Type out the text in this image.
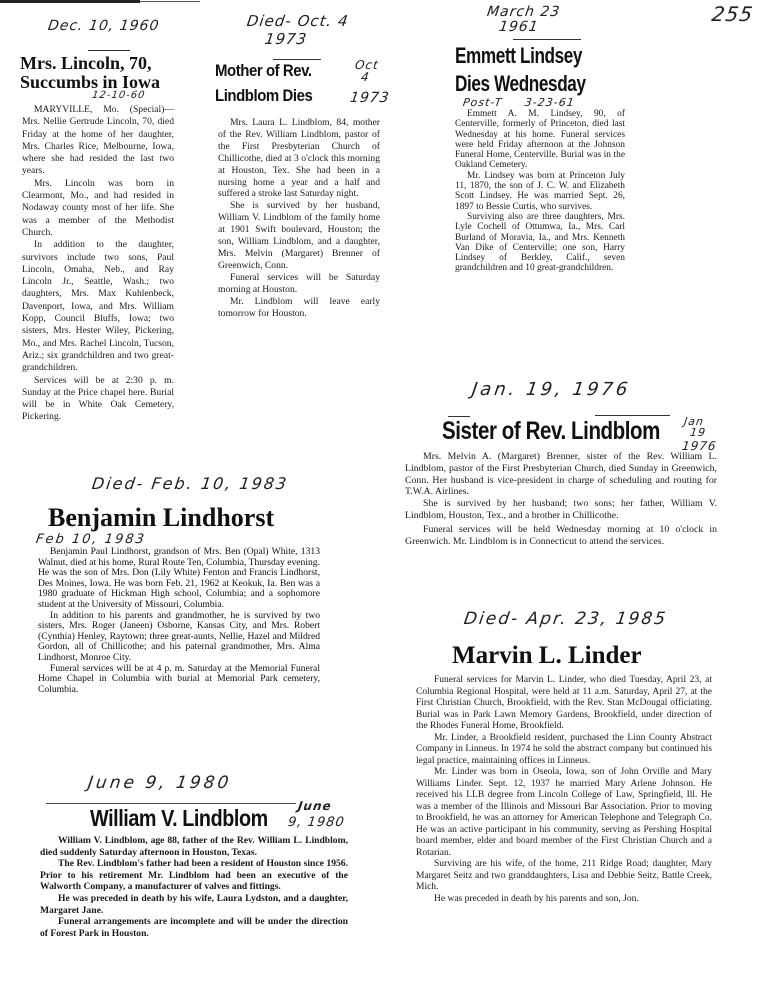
255
Dec. 10, 1960
Mrs. Lincoln, 70,
Succumbs in Iowa
12-10-60

MARYVILLE, Mo. (Special)— Mrs. Nellie Gertrude Lincoln, 70, died Friday at the home of her daughter, Mrs. Charles Rice, Melbourne, Iowa, where she had resided the last two years.

Mrs. Lincoln was born in Clearmont, Mo., and had resided in Nodaway county most of her life. She was a member of the Methodist Church.

In addition to the daughter, survivors include two sons, Paul Lincoln, Omaha, Neb., and Ray Lincoln Jr., Seattle, Wash.; two daughters, Mrs. Max Kuhlenbeck, Davenport, Iowa, and Mrs. William Kopp, Council Bluffs, Iowa; two sisters, Mrs. Hester Wiley, Pickering, Mo., and Mrs. Rachel Lincoln, Tucson, Ariz.; six grandchildren and two great-grandchildren.

Services will be at 2:30 p. m. Sunday at the Price chapel here. Burial will be in White Oak Cemetery, Pickering.

Died- Oct. 4
1973
Mother of Rev.
Lindblom Dies
Oct
4
1973

Mrs. Laura L. Lindblom, 84, mother of the Rev. William Lindblom, pastor of the First Presbyterian Church of Chillicothe, died at 3 o'clock this morning at Houston, Tex. She had been in a nursing home a year and a half and suffered a stroke last Saturday night.

She is survived by her husband, William V. Lindblom of the family home at 1901 Swift boulevard, Houston; the son, William Lindblom, and a daughter, Mrs. Melvin (Margaret) Brenner of Greenwich, Conn.

Funeral services will be Saturday morning at Houston.

Mr. Lindblom will leave early tomorrow for Houston.

March 23
1961
Emmett Lindsey
Dies Wednesday
Post-T 3-23-61

Emmett A. M. Lindsey, 90, of Centerville, formerly of Princeton, died last Wednesday at his home. Funeral services were held Friday afternoon at the Johnson Funeral Home, Centerville. Burial was in the Oakland Cemetery.

Mr. Lindsey was born at Princeton July 11, 1870, the son of J. C. W. and Elizabeth Scott Lindsey. He was married Sept. 26, 1897 to Bessie Curtis, who survives.

Surviving also are three daughters, Mrs. Lyle Cochell of Ottumwa, Ia., Mrs. Carl Burland of Moravia, Ia., and Mrs. Kenneth Van Dike of Centerville; one son, Harry Lindsey of Berkley, Calif., seven grandchildren and 10 great-grandchildren.

Jan. 19, 1976
Sister of Rev. Lindblom Jan
19
1976

Mrs. Melvin A. (Margaret) Brenner, sister of the Rev. William L. Lindblom, pastor of the First Presbyterian Church, died Sunday in Greenwich, Conn. Her husband is vice-president in charge of scheduling and routing for T.W.A. Airlines.

She is survived by her husband; two sons; her father, William V. Lindblom, Houston, Tex., and a brother in Chillicothe.

Funeral services will be held Wednesday morning at 10 o'clock in Greenwich. Mr. Lindblom is in Connecticut to attend the services.

Died- Feb. 10, 1983
Benjamin Lindhorst
Feb 10, 1983

Benjamin Paul Lindhorst, grandson of Mrs. Ben (Opal) White, 1313 Walnut, died at his home, Rural Route Ten, Columbia, Thursday evening. He was the son of Mrs. Don (Lily White) Fenton and Francis Lindhorst, Des Moines, Iowa. He was born Feb. 21, 1962 at Keokuk, Ia. Ben was a 1980 graduate of Hickman High school, Columbia; and a sophomore student at the University of Missouri, Columbia.

In addition to his parents and grandmother, he is survived by two sisters, Mrs. Roger (Janeen) Osborne, Kansas City, and Mrs. Robert (Cynthia) Henley, Raytown; three great-aunts, Nellie, Hazel and Mildred Gordon, all of Chillicothe; and his paternal grandmother, Mrs. Alma Lindhorst, Monroe City.

Funeral services will be at 4 p. m. Saturday at the Memorial Funeral Home Chapel in Columbia with burial at Memorial Park cemetery, Columbia.

June 9, 1980
William V. Lindblom June
9, 1980

William V. Lindblom, age 88, father of the Rev. William L. Lindblom, died suddenly Saturday afternoon in Houston, Texas.

The Rev. Lindblom's father had been a resident of Houston since 1956. Prior to his retirement Mr. Lindblom had been an executive of the Walworth Company, a manufacturer of valves and fittings.

He was preceded in death by his wife, Laura Lydston, and a daughter, Margaret Jane.

Funeral arrangements are incomplete and will be under the direction of Forest Park in Houston.

Died- Apr. 23, 1985
Marvin L. Linder

Funeral services for Marvin L. Linder, who died Tuesday, April 23, at Columbia Regional Hospital, were held at 11 a.m. Saturday, April 27, at the First Christian Church, Brookfield, with the Rev. Stan McDougal officiating. Burial was in Park Lawn Memory Gardens, Brookfield, under direction of the Rhodes Funeral Home, Brookfield.

Mr. Linder, a Brookfield resident, purchased the Linn County Abstract Company in Linneus. In 1974 he sold the abstract company but continued his legal practice, maintaining offices in Linneus.

Mr. Linder was born in Oseola, Iowa, son of John Orville and Mary Williams Linder. Sept. 12, 1937 he married Mary Arlene Johnson. He received his LLB degree from Lincoln College of Law, Springfield, Ill. He was a member of the Illinois and Missouri Bar Association. Prior to moving to Brookfield, he was an attorney for American Telephone and Telegraph Co. He was an active participant in his community, serving as Pershing Hospital board member, elder and board member of the First Christian Church and a Rotarian.

Surviving are his wife, of the home, 211 Ridge Road; daughter, Mary Margaret Seitz and two granddaughters, Lisa and Debbie Seitz, Battle Creek, Mich.

He was preceded in death by his parents and son, Jon.
